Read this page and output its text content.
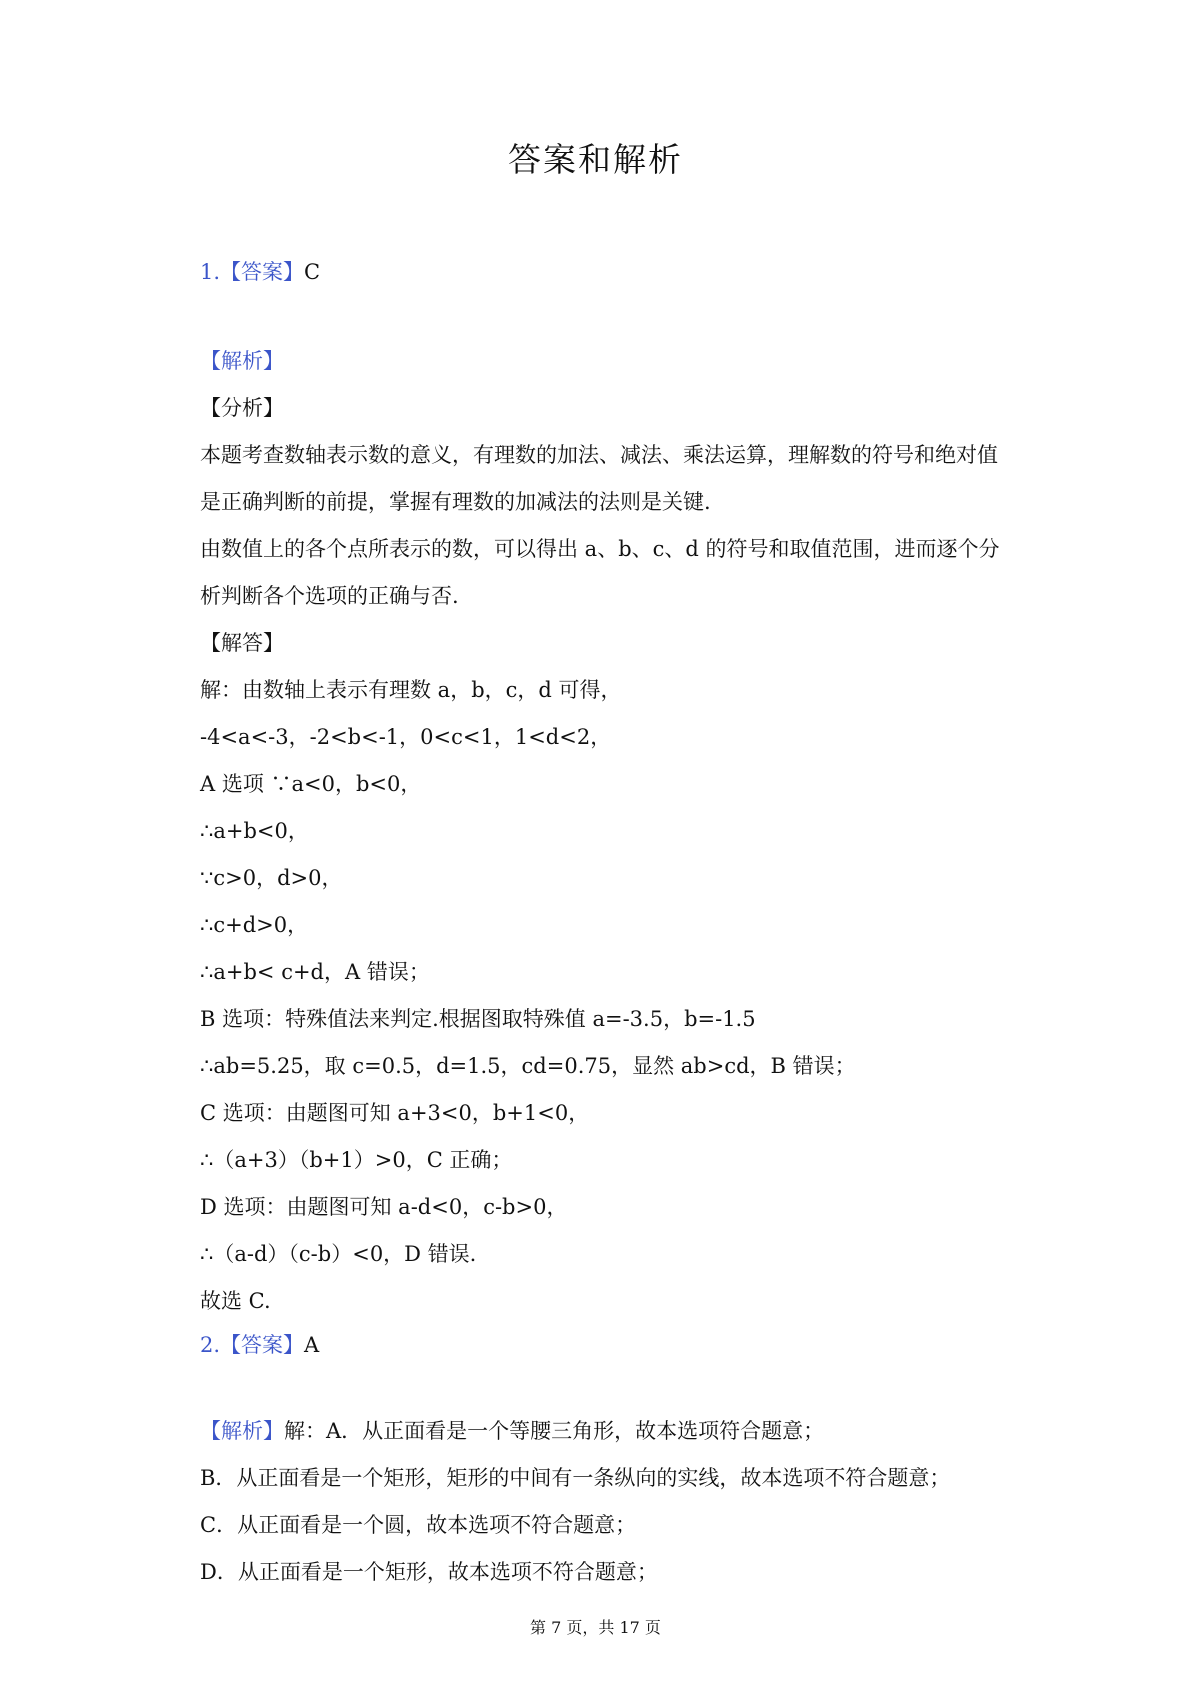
答案和解析
1.【答案】C
【解析】
【分析】
本题考查数轴表示数的意义，有理数的加法、减法、乘法运算，理解数的符号和绝对值
是正确判断的前提，掌握有理数的加减法的法则是关键.
由数值上的各个点所表示的数，可以得出 a、b、c、d 的符号和取值范围，进而逐个分
析判断各个选项的正确与否.
【解答】
解：由数轴上表示有理数 a，b，c，d 可得，
-4<a<-3，-2<b<-1，0<c<1，1<d<2，
A 选项 ∵a<0，b<0，
∴a+b<0，
∵c>0，d>0，
∴c+d>0，
∴a+b< c+d，A 错误；
B 选项：特殊值法来判定.根据图取特殊值 a=-3.5，b=-1.5
∴ab=5.25，取 c=0.5，d=1.5，cd=0.75，显然 ab>cd，B 错误；
C 选项：由题图可知 a+3<0，b+1<0，
∴（a+3）（b+1）>0，C 正确；
D 选项：由题图可知 a-d<0，c-b>0，
∴（a-d）（c-b）<0，D 错误.
故选 C.
2.【答案】A
【解析】解：A．从正面看是一个等腰三角形，故本选项符合题意；
B．从正面看是一个矩形，矩形的中间有一条纵向的实线，故本选项不符合题意；
C．从正面看是一个圆，故本选项不符合题意；
D．从正面看是一个矩形，故本选项不符合题意；
第 7 页，共 17 页
